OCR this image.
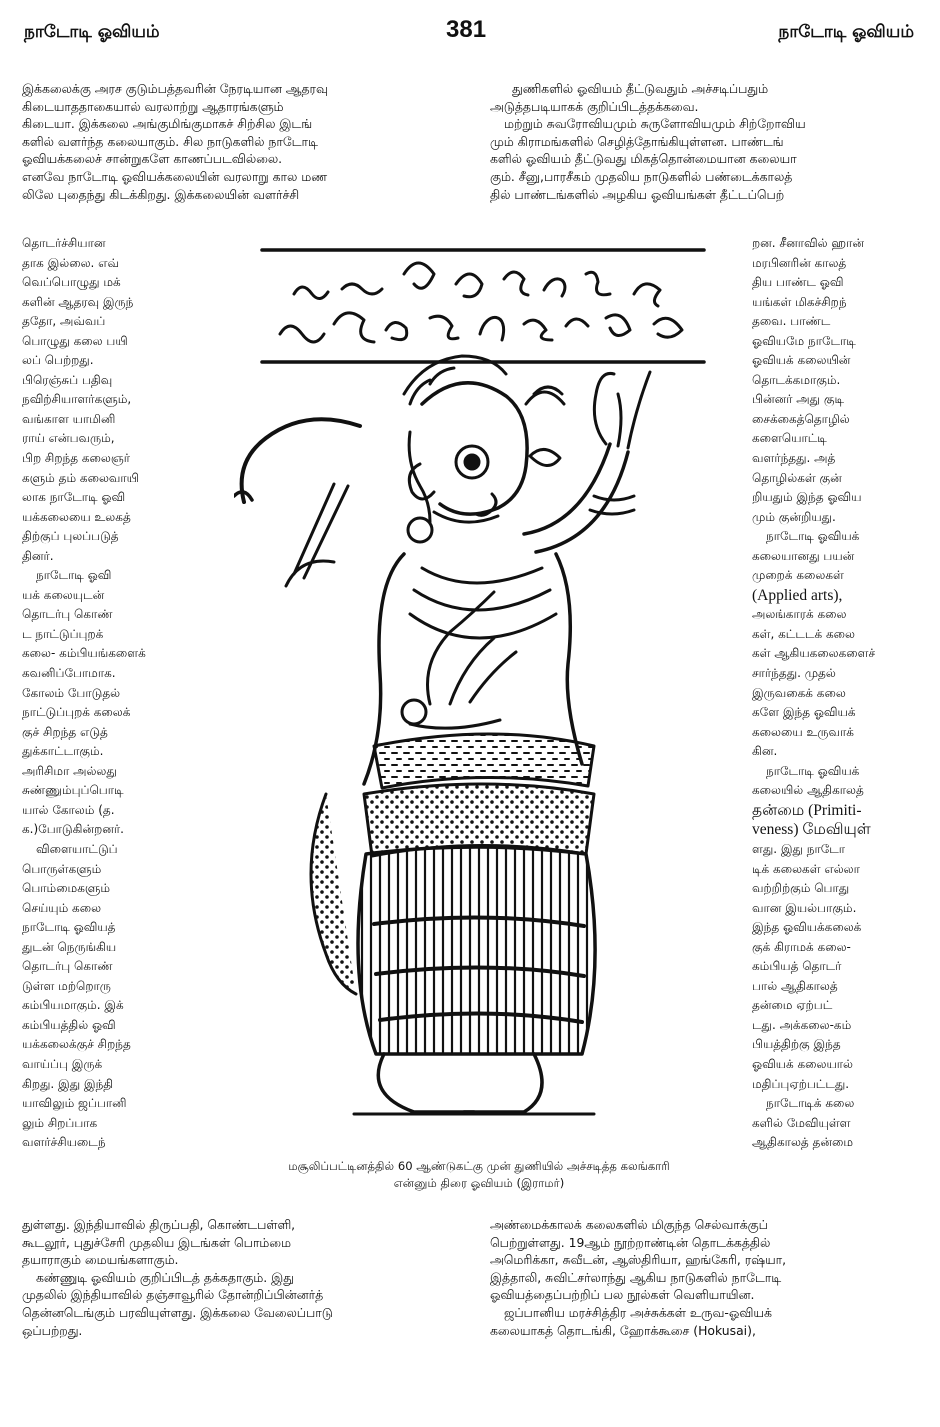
நாடோடி ஓவியம்	381	நாடோடி ஓவியம்

இக்கலைக்கு அரச குடும்பத்தவரின் நேரடியான ஆதரவு

கிடையாததாகையால் வரலாற்று ஆதாரங்களும்

கிடையா. இக்கலை அங்குமிங்குமாகச் சிற்சில இடங்

களில் வளர்ந்த கலையாகும். சில நாடுகளில் நாடோடி

ஓவியக்கலைச் சான்றுகளே காணப்படவில்லை.

எனவே நாடோடி ஓவியக்கலையின் வரலாறு கால மண

லிலே புதைந்து கிடக்கிறது. இக்கலையின் வளர்ச்சி

தொடர்ச்சியான

தாக இல்லை. எவ்

வெப்பொழுது மக்

களின் ஆதரவு இருந்

ததோ, அவ்வப்

பொழுது கலை பயி

லப் பெற்றது.

பிரெஞ்சுப் பதிவு

நவிற்சியாளர்களும்,

வங்காள யாமினி

ராய் என்பவரும்,

பிற சிறந்த கலைஞர்

களும் தம் கலைவாயி

லாக நாடோடி ஓவி

யக்கலையை உலகத்

திற்குப் புலப்படுத்

தினர்.

நாடோடி ஓவி

யக் கலையுடன்

தொடர்பு கொண்

ட நாட்டுப்புறக்

கலை- கம்பியங்களைக்

கவனிப்போமாக.

கோலம் போடுதல்

நாட்டுப்புறக் கலைக்

குச் சிறந்த எடுத்

துக்காட்டாகும்.

அரிசிமா அல்லது

சுண்ணும்புப்பொடி

யால் கோலம் (த.

க.)போடுகின்றனர்.

விளையாட்டுப்

பொருள்களும்

பொம்மைகளும்

செய்யும் கலை

நாடோடி ஓவியத்

துடன் நெருங்கிய

தொடர்பு கொண்

டுள்ள மற்றொரு

கம்பியமாகும். இக்

கம்பியத்தில் ஓவி

யக்கலைக்குச் சிறந்த

வாய்ப்பு இருக்

கிறது. இது இந்தி

யாவிலும் ஜப்பானி

லும் சிறப்பாக

வளர்ச்சியடைந்

துள்ளது. இந்தியாவில் திருப்பதி, கொண்டபள்ளி,

கூடலூர், புதுச்சேரி முதலிய இடங்கள் பொம்மை

தயாராகும் மையங்களாகும்.

கண்ணுடி ஓவியம் குறிப்பிடத் தக்கதாகும். இது

முதலில் இந்தியாவில் தஞ்சாவூரில் தோன்றிப்பின்னர்த்

தென்னடெங்கும் பரவியுள்ளது. இக்கலை வேலைப்பாடு

ஒப்பற்றது.

துணிகளில் ஓவியம் தீட்டுவதும் அச்சடிப்பதும்

அடுத்தபடியாகக் குறிப்பிடத்தக்கவை.

மற்றும் சுவரோவியமும் சுருளோவியமும் சிற்றோவிய

மும் கிராமங்களில் செழித்தோங்கியுள்ளன. பாண்டங்

களில் ஓவியம் தீட்டுவது மிகத்தொன்மையான கலையா

கும். சீனு,பாரசீகம் முதலிய நாடுகளில் பண்டைக்காலத்

தில் பாண்டங்களில் அழகிய ஓவியங்கள் தீட்டப்பெற்

றன. சீனாவில் ஹான்

மரபினரின் காலத்

திய பாண்ட ஓவி

யங்கள் மிகச்சிறந்

தவை. பாண்ட

ஓவியமே நாடோடி

ஓவியக் கலையின்

தொடக்கமாகும்.

பின்னர் அது குடி

சைக்கைத்தொழில்

களையொட்டி

வளர்ந்தது. அத்

தொழில்கள் குன்

றியதும் இந்த ஓவிய

மும் குன்றியது.

நாடோடி ஓவியக்

கலையானது பயன்

முறைக் கலைகள்

(Applied arts),

அலங்காரக் கலை

கள், கட்டடக் கலை

கள் ஆகியகலைகளைச்

சார்ந்தது. முதல்

இருவகைக் கலை

களே இந்த ஓவியக்

கலையை உருவாக்

கின.

நாடோடி ஓவியக்

கலையில் ஆதிகாலத்

தன்மை (Primiti-

veness) மேவியுள்

ளது. இது நாடோ

டிக் கலைகள் எல்லா

வற்றிற்கும் பொது

வான இயல்பாகும்.

இந்த ஓவியக்கலைக்

குக் கிராமக் கலை-

கம்பியத் தொடர்

பால் ஆதிகாலத்

தன்மை ஏற்பட்

டது. அக்கலை-கம்

பியத்திற்கு இந்த

ஓவியக் கலையால்

மதிப்புஏற்பட்டது.

நாடோடிக் கலை

களில் மேவியுள்ள

ஆதிகாலத் தன்மை

அண்மைக்காலக் கலைகளில் மிகுந்த செல்வாக்குப்

பெற்றுள்ளது. 19ஆம் நூற்றாண்டின் தொடக்கத்தில்

அமெரிக்கா, சுவீடன், ஆஸ்திரியா, ஹங்கேரி, ரஷ்யா,

இத்தாலி, சுவிட்சர்லாந்து ஆகிய நாடுகளில் நாடோடி

ஓவியத்தைப்பற்றிப் பல நூல்கள் வெளியாயின.

ஜப்பானிய மரச்சித்திர அச்சுக்கள் உருவ-ஓவியக்

கலையாகத் தொடங்கி, ஹோக்கூசை (Hokusai),

மசூலிப்பட்டினத்தில் 60 ஆண்டுகட்கு முன் துணியில் அச்சடித்த கலங்காரி
என்னும் திரை ஓவியம் (இராமர்)
